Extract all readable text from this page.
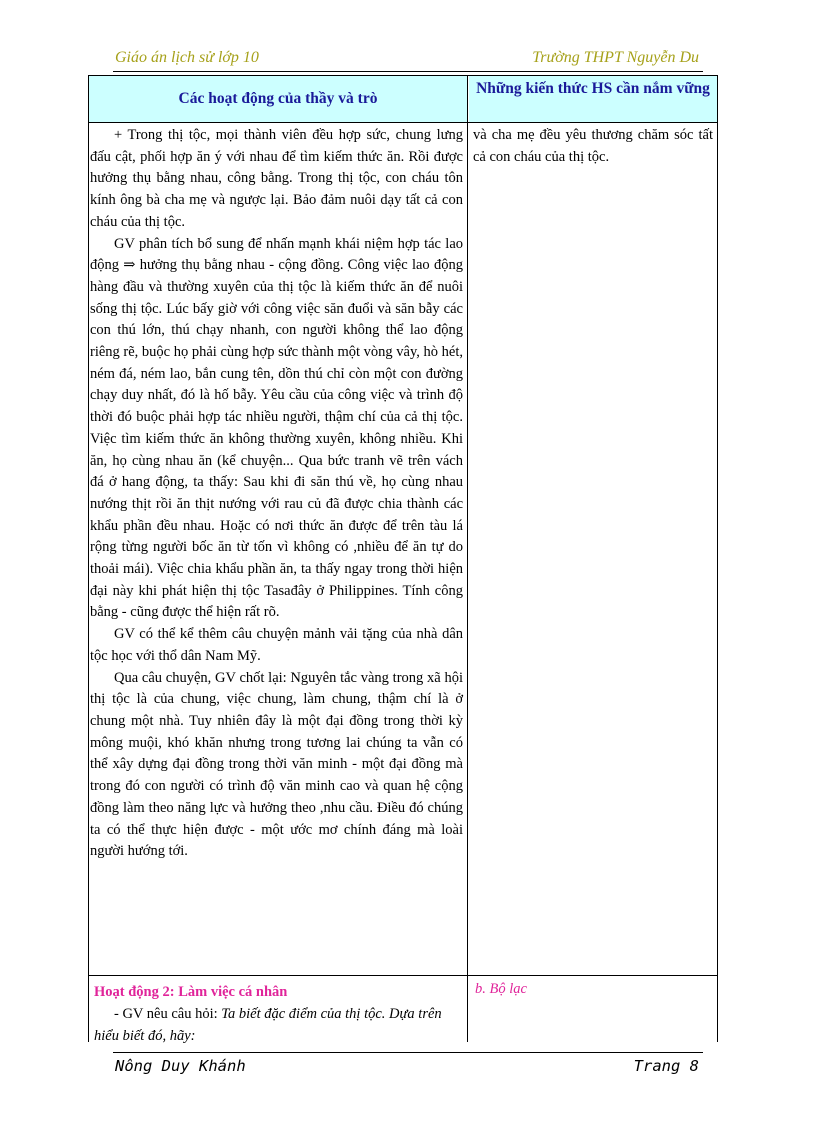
Giáo án lịch sử lớp 10	Trường THPT Nguyễn Du
Các hoạt động của thầy và trò
Những kiến thức HS cần nắm vững

+ Trong thị tộc, mọi thành viên đều hợp sức, chung lưng đấu cật, phối hợp ăn ý với nhau để tìm kiếm thức ăn. Rồi được hưởng thụ bằng nhau, công bằng. Trong thị tộc, con cháu tôn kính ông bà cha mẹ và ngược lại. Bảo đảm nuôi dạy tất cả con cháu của thị tộc.

GV phân tích bổ sung để nhấn mạnh khái niệm hợp tác lao động ⇒ hưởng thụ bằng nhau - cộng đồng. Công việc lao động hàng đầu và thường xuyên của thị tộc là kiếm thức ăn để nuôi sống thị tộc. Lúc bấy giờ với công việc săn đuổi và săn bẫy các con thú lớn, thú chạy nhanh, con người không thể lao động riêng rẽ, buộc họ phải cùng hợp sức thành một vòng vây, hò hét, ném đá, ném lao, bắn cung tên, dồn thú chỉ còn một con đường chạy duy nhất, đó là hố bẫy. Yêu cầu của công việc và trình độ thời đó buộc phải hợp tác nhiều người, thậm chí của cả thị tộc. Việc tìm kiếm thức ăn không thường xuyên, không nhiều. Khi ăn, họ cùng nhau ăn (kể chuyện... Qua bức tranh vẽ trên vách đá ở hang động, ta thấy: Sau khi đi săn thú về, họ cùng nhau nướng thịt rồi ăn thịt nướng với rau củ đã được chia thành các khẩu phần đều nhau. Hoặc có nơi thức ăn được để trên tàu lá rộng từng người bốc ăn từ tốn vì không có ,nhiều để ăn tự do thoải mái). Việc chia khẩu phần ăn, ta thấy ngay trong thời hiện đại này khi phát hiện thị tộc Tasađây ở Philippines. Tính công bằng - cũng được thể hiện rất rõ.

GV có thể kể thêm câu chuyện mảnh vải tặng của nhà dân tộc học với thổ dân Nam Mỹ.

Qua câu chuyện, GV chốt lại: Nguyên tắc vàng trong xã hội thị tộc là của chung, việc chung, làm chung, thậm chí là ở chung một nhà. Tuy nhiên đây là một đại đồng trong thời kỳ mông muội, khó khăn nhưng trong tương lai chúng ta vẫn có thể xây dựng đại đồng trong thời văn minh - một đại đồng mà trong đó con người có trình độ văn minh cao và quan hệ cộng đồng làm theo năng lực và hưởng theo ,nhu cầu. Điều đó chúng ta có thể thực hiện được - một ước mơ chính đáng mà loài người hướng tới.

và cha mẹ đều yêu thương chăm sóc tất cả con cháu của thị tộc.
Hoạt động 2: Làm việc cá nhân
- GV nêu câu hỏi: Ta biết đặc điểm của thị tộc. Dựa trên hiểu biết đó, hãy:
b. Bộ lạc
Nông Duy Khánh	Trang 8
